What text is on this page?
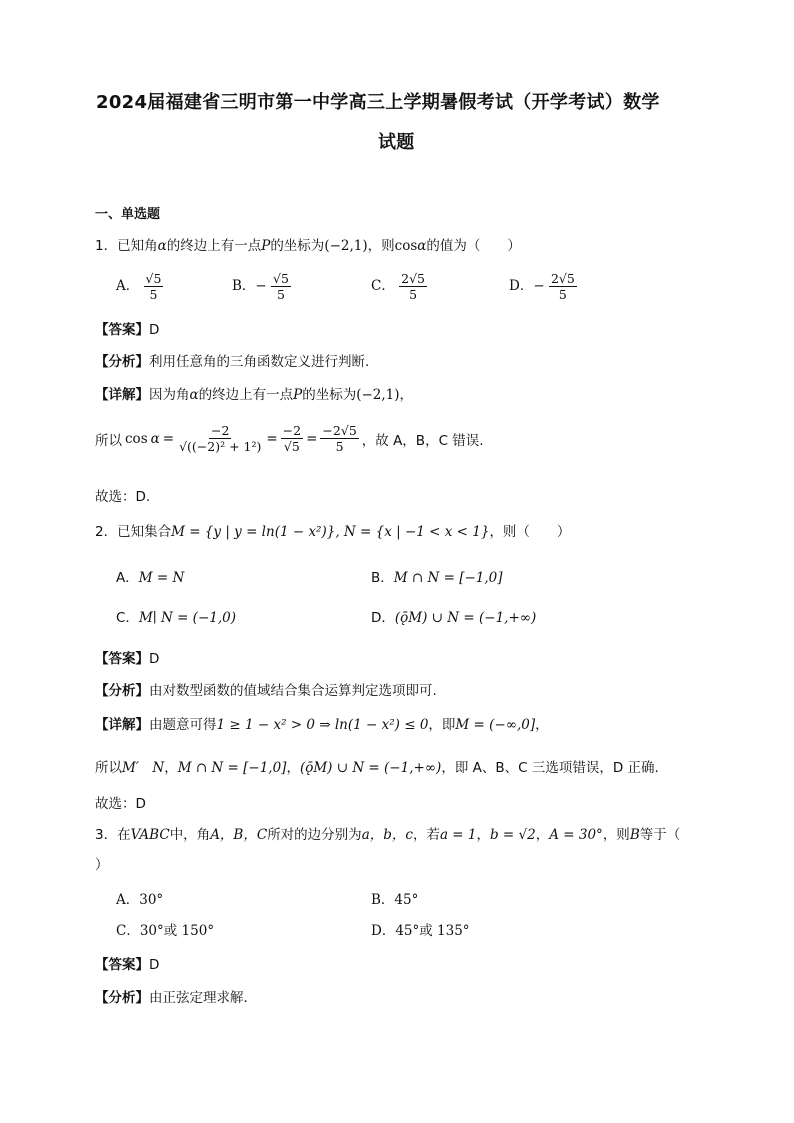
2024届福建省三明市第一中学高三上学期暑假考试（开学考试）数学
试题
一、单选题
1．已知角α的终边上有一点P的坐标为(−2,1)，则cosα的值为（　　）
A． $\frac{√5}{5}$	B．− $\frac{√5}{5}$	C． $\frac{2√5}{5}$	D．− $\frac{2√5}{5}$
【答案】D
【分析】利用任意角的三角函数定义进行判断.
【详解】因为角α的终边上有一点P的坐标为(−2,1)，
所以 $\cos \alpha = \frac{-2}{\text{√((−2)² + 1²)}} = \frac{-2}{√5} = \frac{-2√5}{5}$ ，故 A，B，C 错误.
故选：D.
2．已知集合M = {y | y = ln(1 − x²)}, N = {x | −1 < x < 1}，则（　　）
A．M = N	B．M ∩ N = [−1,0]
C．M∣ N = (−1,0)	D．(ǭM) ∪ N = (−1,+∞)
【答案】D
【分析】由对数型函数的值域结合集合运算判定选项即可.
【详解】由题意可得1 ≥ 1 − x² > 0 ⇒ ln(1 − x²) ≤ 0，即M = (−∞,0]，
所以M′　N，M ∩ N = [−1,0]，(ǭM) ∪ N = (−1,+∞)，即 A、B、C 三选项错误，D 正确.
故选：D
3．在VABC中，角A，B，C所对的边分别为a，b，c，若a = 1，b = √2，A = 30°，则B等于（
）
A．30°	B．45°
C．30°或 150°	D．45°或 135°
【答案】D
【分析】由正弦定理求解．
